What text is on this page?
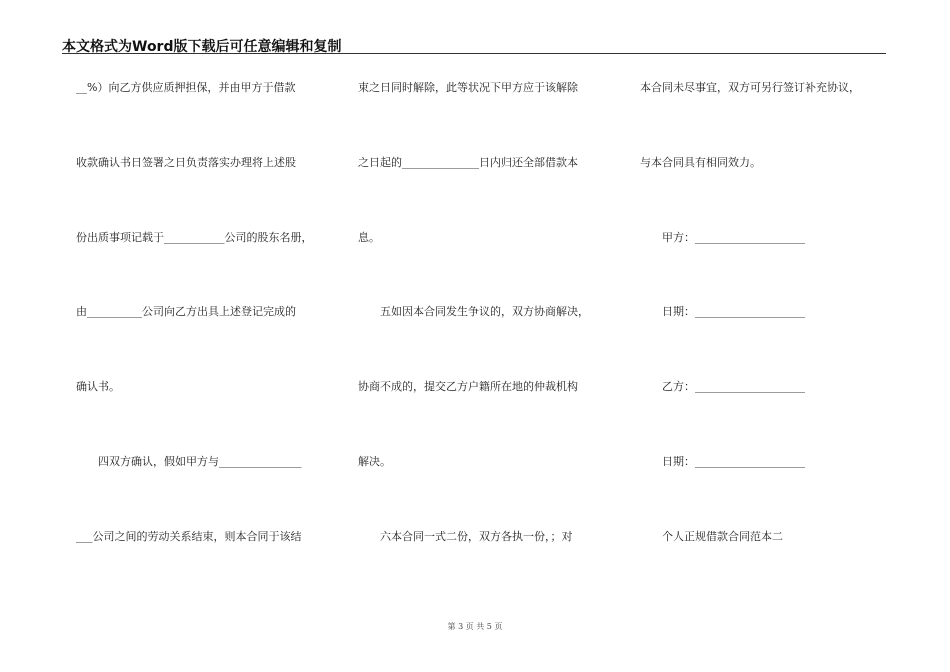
本文格式为Word版下载后可任意编辑和复制
__%）向乙方供应质押担保，并由甲方于借款
收款确认书日签署之日负责落实办理将上述股
份出质事项记载于___________公司的股东名册，
由__________公司向乙方出具上述登记完成的
确认书。
　　四双方确认，假如甲方与_______________
___公司之间的劳动关系结束，则本合同于该结
束之日同时解除，此等状况下甲方应于该解除
之日起的______________日内归还全部借款本
息。
　　五如因本合同发生争议的，双方协商解决，
协商不成的，提交乙方户籍所在地的仲裁机构
解决。
　　六本合同一式二份，双方各执一份，；对
本合同未尽事宜，双方可另行签订补充协议，
与本合同具有相同效力。
　　甲方：____________________
　　日期：____________________
　　乙方：____________________
　　日期：____________________
　　个人正规借款合同范本二
第 3 页 共 5 页
